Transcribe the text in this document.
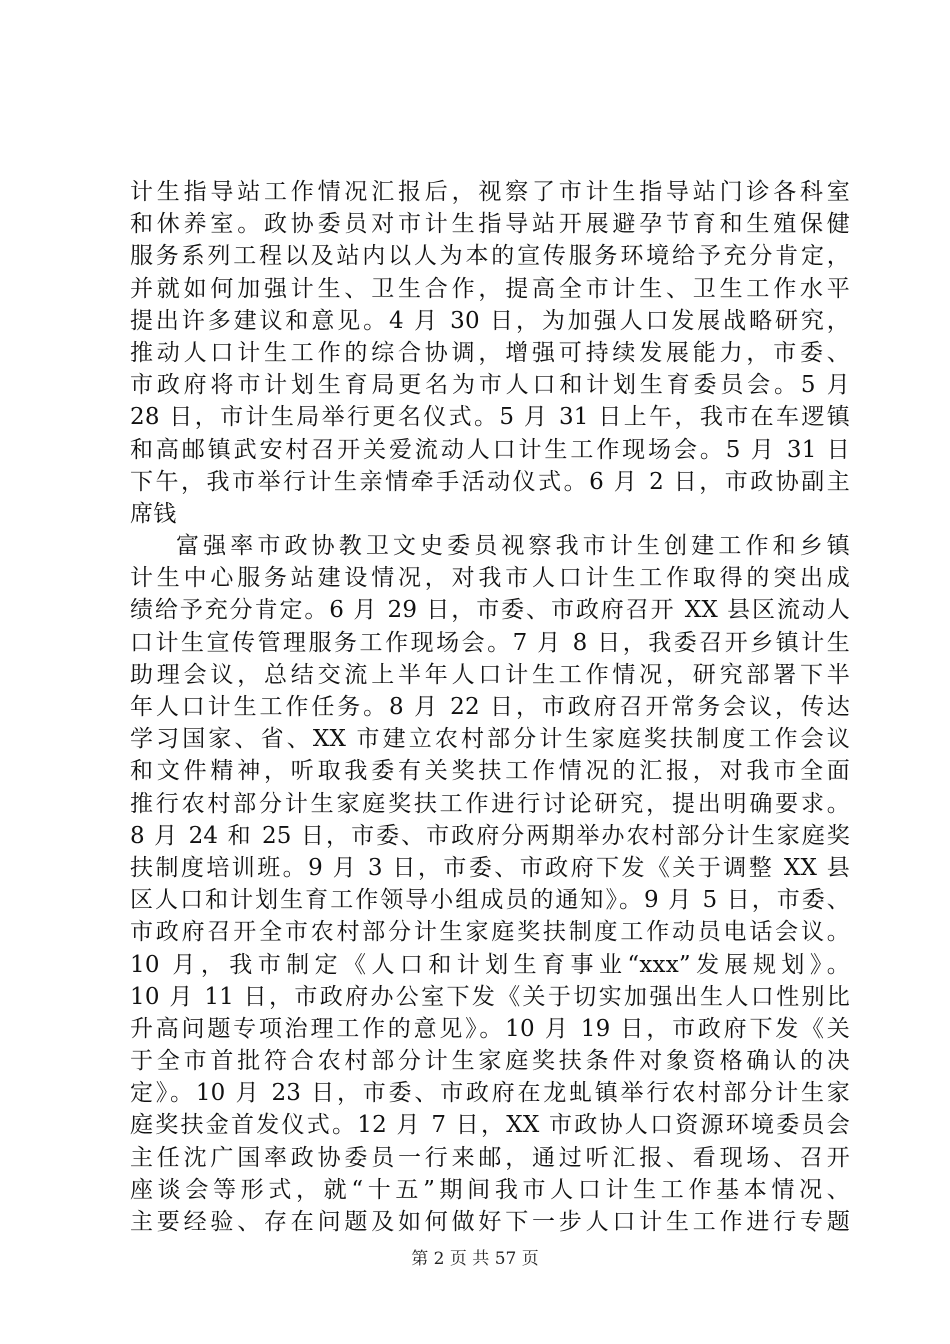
计生指导站工作情况汇报后，视察了市计生指导站门诊各科室
和休养室。政协委员对市计生指导站开展避孕节育和生殖保健
服务系列工程以及站内以人为本的宣传服务环境给予充分肯定，
并就如何加强计生、卫生合作，提高全市计生、卫生工作水平
提出许多建议和意见。4 月 30 日，为加强人口发展战略研究，
推动人口计生工作的综合协调，增强可持续发展能力，市委、
市政府将市计划生育局更名为市人口和计划生育委员会。5 月
28 日，市计生局举行更名仪式。5 月 31 日上午，我市在车逻镇
和高邮镇武安村召开关爱流动人口计生工作现场会。5 月 31 日
下午，我市举行计生亲情牵手活动仪式。6 月 2 日，市政协副主
席钱
富强率市政协教卫文史委员视察我市计生创建工作和乡镇
计生中心服务站建设情况，对我市人口计生工作取得的突出成
绩给予充分肯定。6 月 29 日，市委、市政府召开 XX 县区流动人
口计生宣传管理服务工作现场会。7 月 8 日，我委召开乡镇计生
助理会议，总结交流上半年人口计生工作情况，研究部署下半
年人口计生工作任务。8 月 22 日，市政府召开常务会议，传达
学习国家、省、XX 市建立农村部分计生家庭奖扶制度工作会议
和文件精神，听取我委有关奖扶工作情况的汇报，对我市全面
推行农村部分计生家庭奖扶工作进行讨论研究，提出明确要求。
8 月 24 和 25 日，市委、市政府分两期举办农村部分计生家庭奖
扶制度培训班。9 月 3 日，市委、市政府下发《关于调整 XX 县
区人口和计划生育工作领导小组成员的通知》。9 月 5 日，市委、
市政府召开全市农村部分计生家庭奖扶制度工作动员电话会议。
10 月，我市制定《人口和计划生育事业“xxx”发展规划》。
10 月 11 日，市政府办公室下发《关于切实加强出生人口性别比
升高问题专项治理工作的意见》。10 月 19 日，市政府下发《关
于全市首批符合农村部分计生家庭奖扶条件对象资格确认的决
定》。10 月 23 日，市委、市政府在龙虬镇举行农村部分计生家
庭奖扶金首发仪式。12 月 7 日，XX 市政协人口资源环境委员会
主任沈广国率政协委员一行来邮，通过听汇报、看现场、召开
座谈会等形式，就“十五”期间我市人口计生工作基本情况、
主要经验、存在问题及如何做好下一步人口计生工作进行专题
第 2 页 共 57 页
